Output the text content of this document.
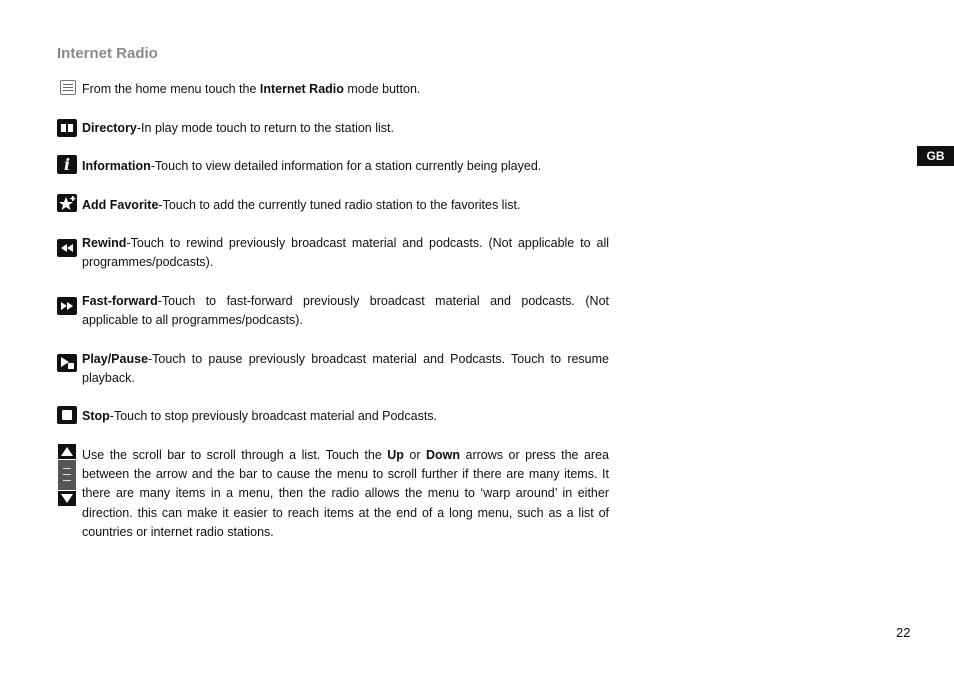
Internet Radio
From the home menu touch the Internet Radio mode button.
Directory-In play mode touch to return to the station list.
i Information-Touch to view detailed information for a station currently being played.
Add Favorite-Touch to add the currently tuned radio station to the favorites list.
Rewind-Touch to rewind previously broadcast material and podcasts. (Not applicable to all programmes/podcasts).
Fast-forward-Touch to fast-forward previously broadcast material and podcasts. (Not applicable to all programmes/podcasts).
Play/Pause-Touch to pause previously broadcast material and Podcasts. Touch to resume playback.
Stop-Touch to stop previously broadcast material and Podcasts.
Use the scroll bar to scroll through a list. Touch the Up or Down arrows or press the area between the arrow and the bar to cause the menu to scroll further if there are many items. It there are many items in a menu, then the radio allows the menu to ‘warp around’ in either direction. this can make it easier to reach items at the end of a long menu, such as a list of countries or internet radio stations.
GB
22
